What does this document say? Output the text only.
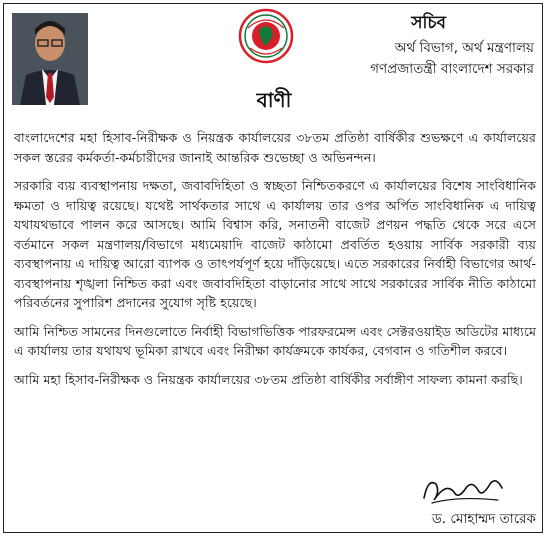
সচিব
অর্থ বিভাগ, অর্থ মন্ত্রণালয়
গণপ্রজাতন্ত্রী বাংলাদেশ সরকার
বাণী

বাংলাদেশের মহা হিসাব-নিরীক্ষক ও নিয়ন্ত্রক কার্যালয়ের ৩৮তম প্রতিষ্ঠা বার্ষিকীর শুভক্ষণে এ কার্যালয়ের সকল স্তরের কর্মকর্তা-কর্মচারীদের জানাই আন্তরিক শুভেচ্ছা ও অভিনন্দন।

সরকারি ব্যয় ব্যবস্থাপনায় দক্ষতা, জবাবদিহিতা ও স্বচ্ছতা নিশ্চিতকরণে এ কার্যালয়ের বিশেষ সাংবিধানিক ক্ষমতা ও দায়িত্ব রয়েছে। যথেষ্ট সার্থকতার সাথে এ কার্যালয় তার ওপর অর্পিত সাংবিধানিক এ দায়িত্ব যথাযথভাবে পালন করে আসছে। আমি বিশ্বাস করি, সনাতনী বাজেট প্রণয়ন পদ্ধতি থেকে সরে এসে বর্তমানে সকল মন্ত্রণালয়/বিভাগে মধ্যমেয়াদি বাজেট কাঠামো প্রবর্তিত হওয়ায় সার্বিক সরকারী ব্যয় ব্যবস্থাপনায় এ দায়িত্ব আরো ব্যাপক ও তাৎপর্যপূর্ণ হয়ে দাঁড়িয়েছে। এতে সরকারের নির্বাহী বিভাগের আর্থ-ব্যবস্থাপনায় শৃঙ্খলা নিশ্চিত করা এবং জবাবদিহিতা বাড়ানোর সাথে সাথে সরকারের সার্বিক নীতি কাঠামো পরিবর্তনের সুপারিশ প্রদানের সুযোগ সৃষ্টি হয়েছে।

আমি নিশ্চিত সামনের দিনগুলোতে নির্বাহী বিভাগভিত্তিক পারফরমেন্স এবং সেক্টরওয়াইড অডিটের মাধ্যমে এ কার্যালয় তার যথাযথ ভূমিকা রাখবে এবং নিরীক্ষা কার্যক্রমকে কার্যকর, বেগবান ও গতিশীল করবে।

আমি মহা হিসাব-নিরীক্ষক ও নিয়ন্ত্রক কার্যালয়ের ৩৮তম প্রতিষ্ঠা বার্ষিকীর সর্বাঙ্গীণ সাফল্য কামনা করছি।

ড. মোহাম্মদ তারেক
